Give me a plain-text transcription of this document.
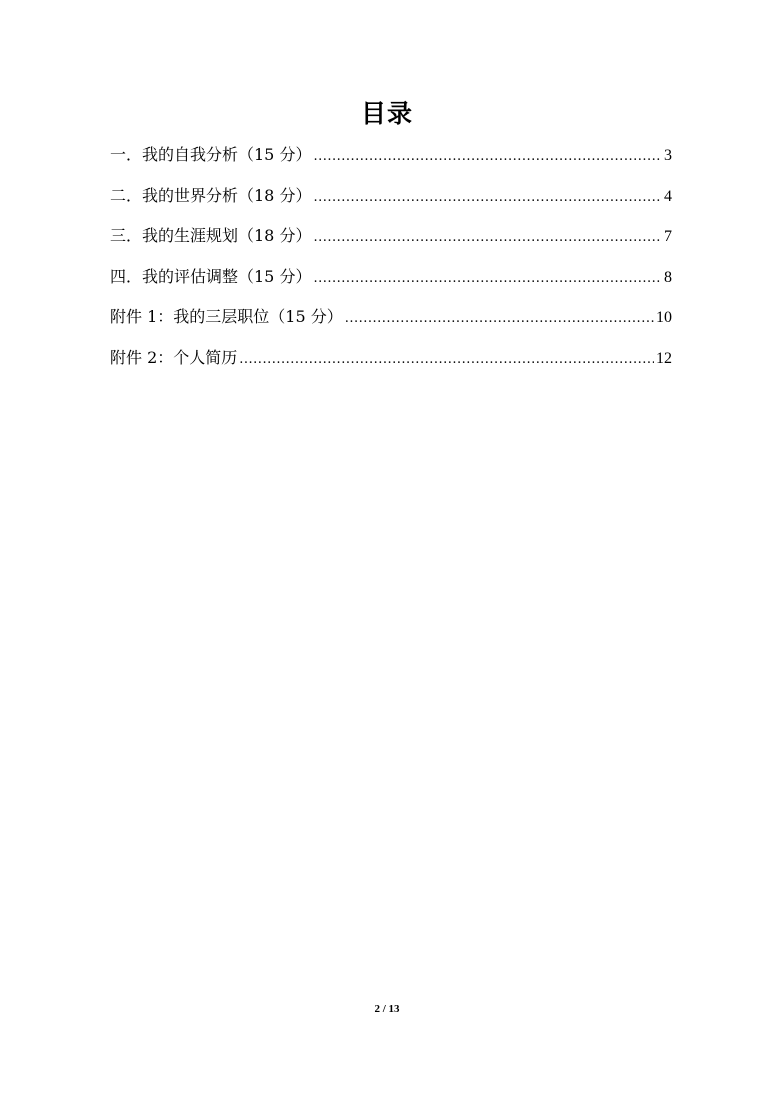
目录
一．我的自我分析（15 分） .....	3
二．我的世界分析（18 分） .....	4
三．我的生涯规划（18 分） .....	7
四．我的评估调整（15 分） .....	8
附件 1：我的三层职位（15 分） .....	10
附件 2：个人简历 .....	12
2 / 13
